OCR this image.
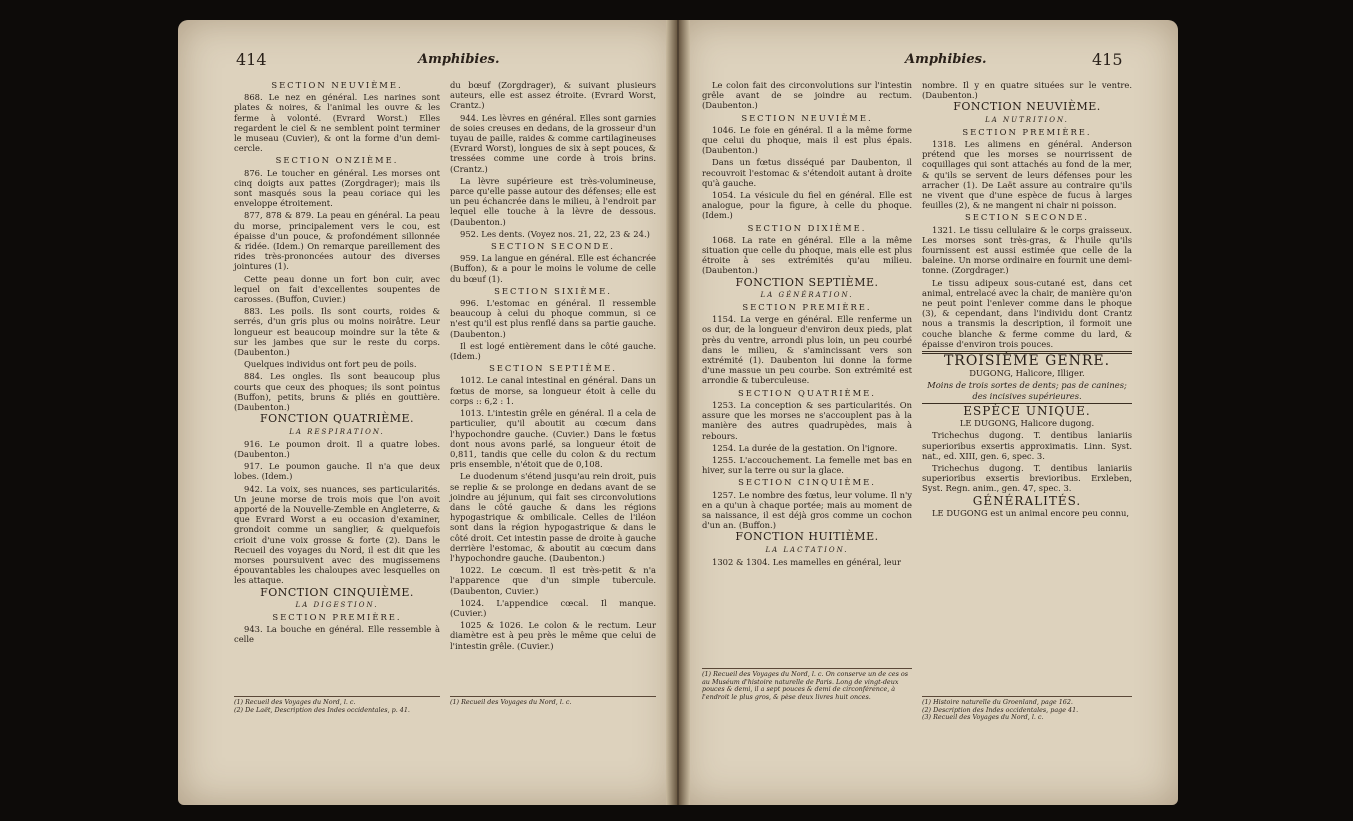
414	Amphibies.

SECTION NEUVIÈME.

868. Le nez en général. Les narines sont plates & noires, & l'animal les ouvre & les ferme à volonté. (Evrard Worst.) Elles regardent le ciel & ne semblent point terminer le museau (Cuvier), & ont la forme d'un demi-cercle.

SECTION ONZIÈME.

876. Le toucher en général. Les morses ont cinq doigts aux pattes (Zorgdrager); mais ils sont masqués sous la peau coriace qui les enveloppe étroitement.

877, 878 & 879. La peau en général. La peau du morse, principalement vers le cou, est épaisse d'un pouce, & profondément sillonnée & ridée. (Idem.) On remarque pareillement des rides très-prononcées autour des diverses jointures (1).

Cette peau donne un fort bon cuir, avec lequel on fait d'excellentes soupentes de carosses. (Buffon, Cuvier.)

883. Les poils. Ils sont courts, roides & serrés, d'un gris plus ou moins noirâtre. Leur longueur est beaucoup moindre sur la tête & sur les jambes que sur le reste du corps. (Daubenton.)

Quelques individus ont fort peu de poils.

884. Les ongles. Ils sont beaucoup plus courts que ceux des phoques; ils sont pointus (Buffon), petits, bruns & pliés en gouttière. (Daubenton.)

FONCTION QUATRIÈME.

LA RESPIRATION.

916. Le poumon droit. Il a quatre lobes. (Daubenton.)

917. Le poumon gauche. Il n'a que deux lobes. (Idem.)

942. La voix, ses nuances, ses particularités. Un jeune morse de trois mois que l'on avoit apporté de la Nouvelle-Zemble en Angleterre, & que Evrard Worst a eu occasion d'examiner, grondoit comme un sanglier, & quelquefois crioit d'une voix grosse & forte (2). Dans le Recueil des voyages du Nord, il est dit que les morses poursuivent avec des mugissemens épouvantables les chaloupes avec lesquelles on les attaque.

FONCTION CINQUIÈME.

LA DIGESTION.

SECTION PREMIÈRE.

943. La bouche en général. Elle ressemble à celle

(1) Recueil des Voyages du Nord, l. c.
(2) De Laët, Description des Indes occidentales, p. 41.

du bœuf (Zorgdrager), & suivant plusieurs auteurs, elle est assez étroite. (Evrard Worst, Crantz.)

944. Les lèvres en général. Elles sont garnies de soies creuses en dedans, de la grosseur d'un tuyau de paille, raides & comme cartilagineuses (Evrard Worst), longues de six à sept pouces, & tressées comme une corde à trois brins. (Crantz.)

La lèvre supérieure est très-volumineuse, parce qu'elle passe autour des défenses; elle est un peu échancrée dans le milieu, à l'endroit par lequel elle touche à la lèvre de dessous. (Daubenton.)

952. Les dents. (Voyez nos. 21, 22, 23 & 24.)

SECTION SECONDE.

959. La langue en général. Elle est échancrée (Buffon), & a pour le moins le volume de celle du bœuf (1).

SECTION SIXIÈME.

996. L'estomac en général. Il ressemble beaucoup à celui du phoque commun, si ce n'est qu'il est plus renflé dans sa partie gauche. (Daubenton.)

Il est logé entièrement dans le côté gauche. (Idem.)

SECTION SEPTIÈME.

1012. Le canal intestinal en général. Dans un fœtus de morse, sa longueur étoit à celle du corps :: 6,2 : 1.

1013. L'intestin grêle en général. Il a cela de particulier, qu'il aboutit au cœcum dans l'hypochondre gauche. (Cuvier.) Dans le fœtus dont nous avons parlé, sa longueur étoit de 0,811, tandis que celle du colon & du rectum pris ensemble, n'étoit que de 0,108.

Le duodenum s'étend jusqu'au rein droit, puis se replie & se prolonge en dedans avant de se joindre au jéjunum, qui fait ses circonvolutions dans le côté gauche & dans les régions hypogastrique & ombilicale. Celles de l'iléon sont dans la région hypogastrique & dans le côté droit. Cet intestin passe de droite à gauche derrière l'estomac, & aboutit au cœcum dans l'hypochondre gauche. (Daubenton.)

1022. Le cœcum. Il est très-petit & n'a l'apparence que d'un simple tubercule. (Daubenton, Cuvier.)

1024. L'appendice cœcal. Il manque. (Cuvier.)

1025 & 1026. Le colon & le rectum. Leur diamètre est à peu près le même que celui de l'intestin grêle. (Cuvier.)

(1) Recueil des Voyages du Nord, l. c.
Amphibies.	415

Le colon fait des circonvolutions sur l'intestin grêle avant de se joindre au rectum. (Daubenton.)

SECTION NEUVIÈME.

1046. Le foie en général. Il a la même forme que celui du phoque, mais il est plus épais. (Daubenton.)

Dans un fœtus disséqué par Daubenton, il recouvroit l'estomac & s'étendoit autant à droite qu'à gauche.

1054. La vésicule du fiel en général. Elle est analogue, pour la figure, à celle du phoque. (Idem.)

SECTION DIXIÈME.

1068. La rate en général. Elle a la même situation que celle du phoque, mais elle est plus étroite à ses extrémités qu'au milieu. (Daubenton.)

FONCTION SEPTIÈME.

LA GÉNÉRATION.

SECTION PREMIÈRE.

1154. La verge en général. Elle renferme un os dur, de la longueur d'environ deux pieds, plat près du ventre, arrondi plus loin, un peu courbé dans le milieu, & s'amincissant vers son extrémité (1). Daubenton lui donne la forme d'une massue un peu courbe. Son extrémité est arrondie & tuberculeuse.

SECTION QUATRIÈME.

1253. La conception & ses particularités. On assure que les morses ne s'accouplent pas à la manière des autres quadrupèdes, mais à rebours.

1254. La durée de la gestation. On l'ignore.

1255. L'accouchement. La femelle met bas en hiver, sur la terre ou sur la glace.

SECTION CINQUIÈME.

1257. Le nombre des fœtus, leur volume. Il n'y en a qu'un à chaque portée; mais au moment de sa naissance, il est déjà gros comme un cochon d'un an. (Buffon.)

FONCTION HUITIÈME.

LA LACTATION.

1302 & 1304. Les mamelles en général, leur

(1) Recueil des Voyages du Nord, l. c. On conserve un de ces os au Muséum d'histoire naturelle de Paris. Long de vingt-deux pouces & demi, il a sept pouces & demi de circonférence, à l'endroit le plus gros, & pèse deux livres huit onces.

nombre. Il y en quatre situées sur le ventre. (Daubenton.)

FONCTION NEUVIÈME.

LA NUTRITION.

SECTION PREMIÈRE.

1318. Les alimens en général. Anderson prétend que les morses se nourrissent de coquillages qui sont attachés au fond de la mer, & qu'ils se servent de leurs défenses pour les arracher (1). De Laët assure au contraire qu'ils ne vivent que d'une espèce de fucus à larges feuilles (2), & ne mangent ni chair ni poisson.

SECTION SECONDE.

1321. Le tissu cellulaire & le corps graisseux. Les morses sont très-gras, & l'huile qu'ils fournissent est aussi estimée que celle de la baleine. Un morse ordinaire en fournit une demi-tonne. (Zorgdrager.)

Le tissu adipeux sous-cutané est, dans cet animal, entrelacé avec la chair, de manière qu'on ne peut point l'enlever comme dans le phoque (3), & cependant, dans l'individu dont Crantz nous a transmis la description, il formoit une couche blanche & ferme comme du lard, & épaisse d'environ trois pouces.

TROISIÈME GENRE.

DUGONG, Halicore, Illiger.

Moins de trois sortes de dents; pas de canines; des incisives supérieures.

ESPÈCE UNIQUE.

LE DUGONG, Halicore dugong.

Trichechus dugong. T. dentibus laniariis superioribus exsertis approximatis. Linn. Syst. nat., ed. XIII, gen. 6, spec. 3.

Trichechus dugong. T. dentibus laniariis superioribus exsertis brevioribus. Erxleben, Syst. Regn. anim., gen. 47, spec. 3.

GÉNÉRALITÉS.

LE DUGONG est un animal encore peu connu,

(1) Histoire naturelle du Groenland, page 162.
(2) Description des Indes occidentales, page 41.
(3) Recueil des Voyages du Nord, l. c.
